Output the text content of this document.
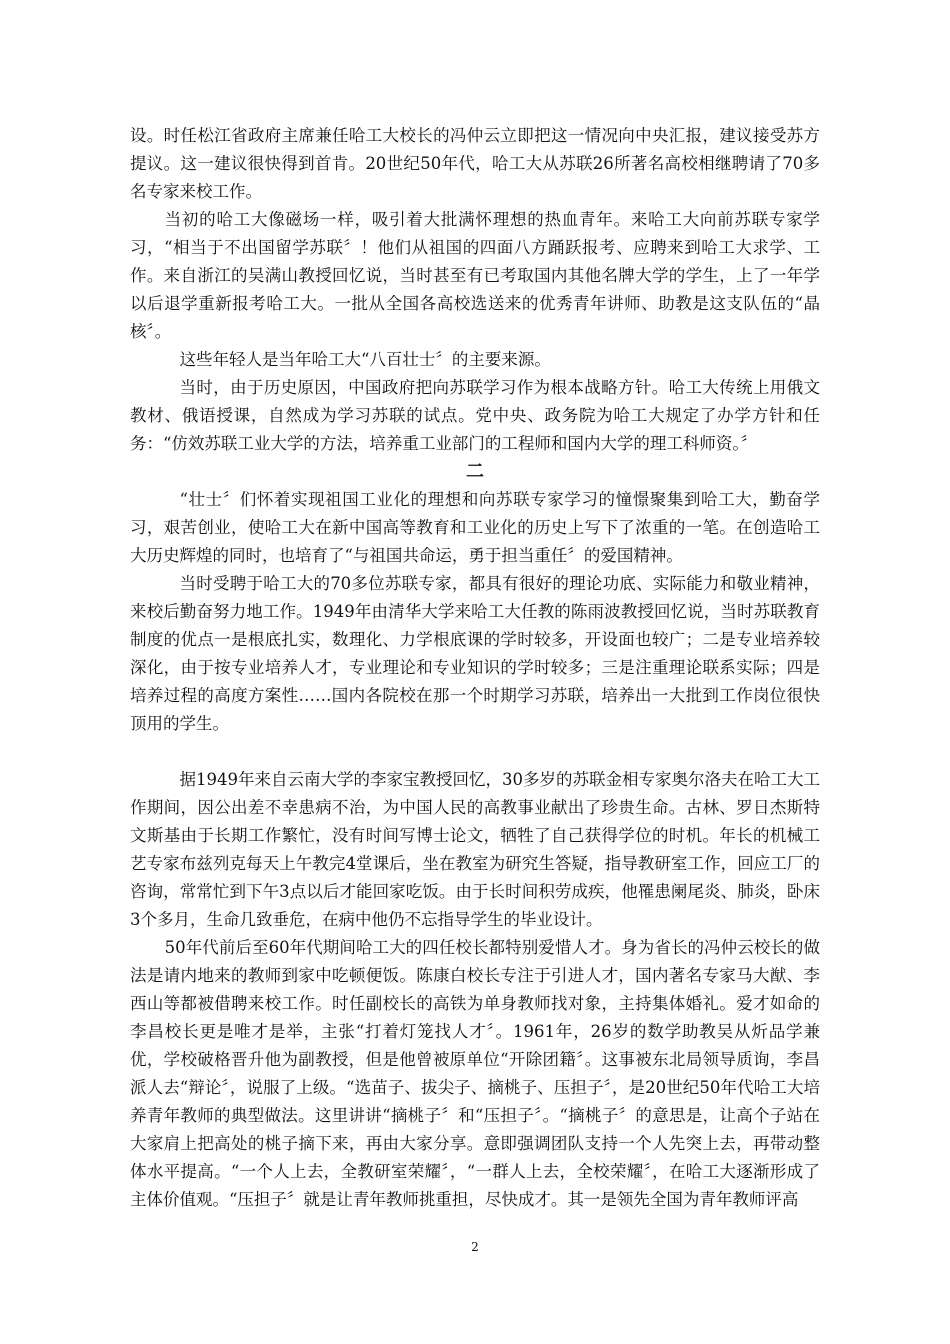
设。时任松江省政府主席兼任哈工大校长的冯仲云立即把这一情况向中央汇报，建议接受苏方提议。这一建议很快得到首肯。20世纪50年代，哈工大从苏联26所著名高校相继聘请了70多名专家来校工作。

当初的哈工大像磁场一样，吸引着大批满怀理想的热血青年。来哈工大向前苏联专家学习，“相当于不出国留学苏联〞！他们从祖国的四面八方踊跃报考、应聘来到哈工大求学、工作。来自浙江的吴满山教授回忆说，当时甚至有已考取国内其他名牌大学的学生，上了一年学以后退学重新报考哈工大。一批从全国各高校选送来的优秀青年讲师、助教是这支队伍的“晶核〞。

这些年轻人是当年哈工大“八百壮士〞的主要来源。

当时，由于历史原因，中国政府把向苏联学习作为根本战略方针。哈工大传统上用俄文教材、俄语授课，自然成为学习苏联的试点。党中央、政务院为哈工大规定了办学方针和任务：“仿效苏联工业大学的方法，培养重工业部门的工程师和国内大学的理工科师资。〞

二

“壮士〞们怀着实现祖国工业化的理想和向苏联专家学习的憧憬聚集到哈工大，勤奋学习，艰苦创业，使哈工大在新中国高等教育和工业化的历史上写下了浓重的一笔。在创造哈工大历史辉煌的同时，也培育了“与祖国共命运，勇于担当重任〞的爱国精神。

当时受聘于哈工大的70多位苏联专家，都具有很好的理论功底、实际能力和敬业精神，来校后勤奋努力地工作。1949年由清华大学来哈工大任教的陈雨波教授回忆说，当时苏联教育制度的优点一是根底扎实，数理化、力学根底课的学时较多，开设面也较广；二是专业培养较深化，由于按专业培养人才，专业理论和专业知识的学时较多；三是注重理论联系实际；四是培养过程的高度方案性……国内各院校在那一个时期学习苏联，培养出一大批到工作岗位很快顶用的学生。

据1949年来自云南大学的李家宝教授回忆，30多岁的苏联金相专家奥尔洛夫在哈工大工作期间，因公出差不幸患病不治，为中国人民的高教事业献出了珍贵生命。古林、罗日杰斯特文斯基由于长期工作繁忙，没有时间写博士论文，牺牲了自己获得学位的时机。年长的机械工艺专家布兹列克每天上午教完4堂课后，坐在教室为研究生答疑，指导教研室工作，回应工厂的咨询，常常忙到下午3点以后才能回家吃饭。由于长时间积劳成疾，他罹患阑尾炎、肺炎，卧床3个多月，生命几致垂危，在病中他仍不忘指导学生的毕业设计。

50年代前后至60年代期间哈工大的四任校长都特别爱惜人才。身为省长的冯仲云校长的做法是请内地来的教师到家中吃顿便饭。陈康白校长专注于引进人才，国内著名专家马大猷、李西山等都被借聘来校工作。时任副校长的高铁为单身教师找对象，主持集体婚礼。爱才如命的李昌校长更是唯才是举，主张“打着灯笼找人才〞。1961年，26岁的数学助教吴从炘品学兼优，学校破格晋升他为副教授，但是他曾被原单位“开除团籍〞。这事被东北局领导质询，李昌派人去“辩论〞，说服了上级。“选苗子、拔尖子、摘桃子、压担子〞，是20世纪50年代哈工大培养青年教师的典型做法。这里讲讲“摘桃子〞和“压担子〞。“摘桃子〞的意思是，让高个子站在大家肩上把高处的桃子摘下来，再由大家分享。意即强调团队支持一个人先突上去，再带动整体水平提高。“一个人上去，全教研室荣耀〞，“一群人上去，全校荣耀〞，在哈工大逐渐形成了主体价值观。“压担子〞就是让青年教师挑重担，尽快成才。其一是领先全国为青年教师评高

2
